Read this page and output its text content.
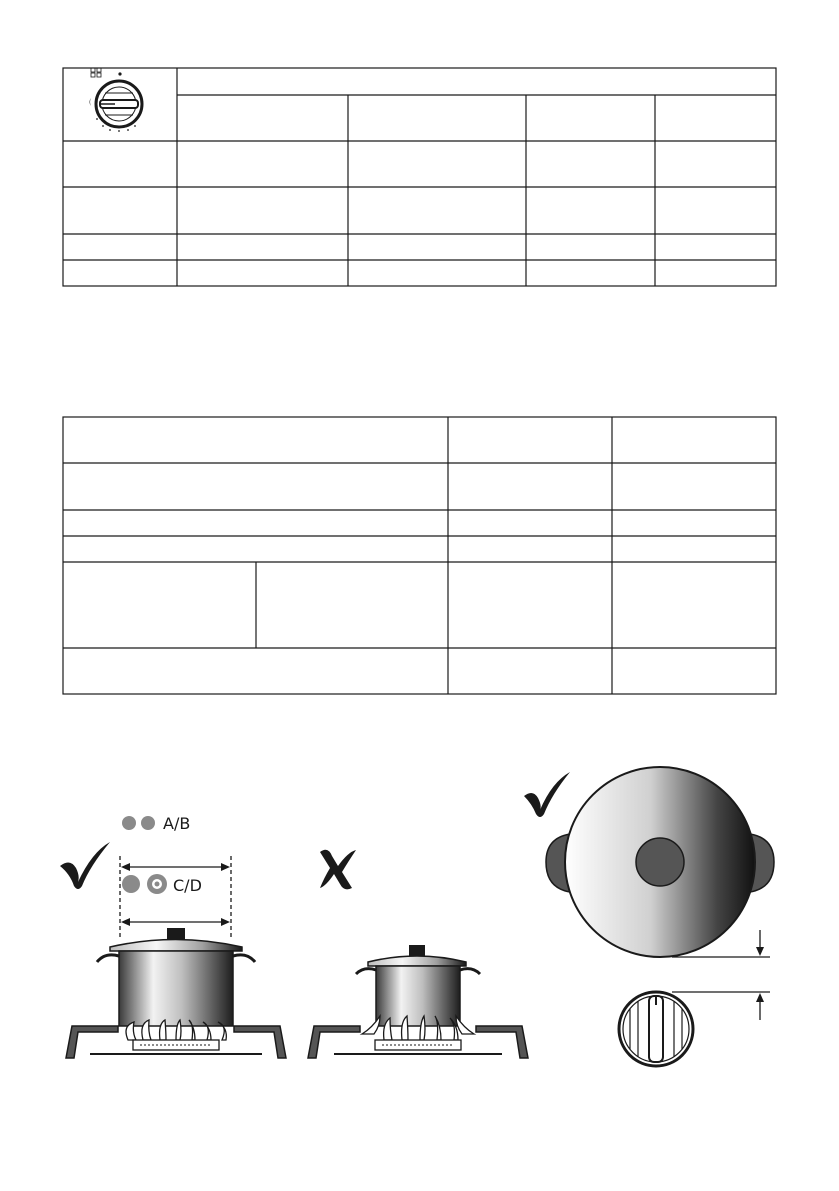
A/B
C/D
